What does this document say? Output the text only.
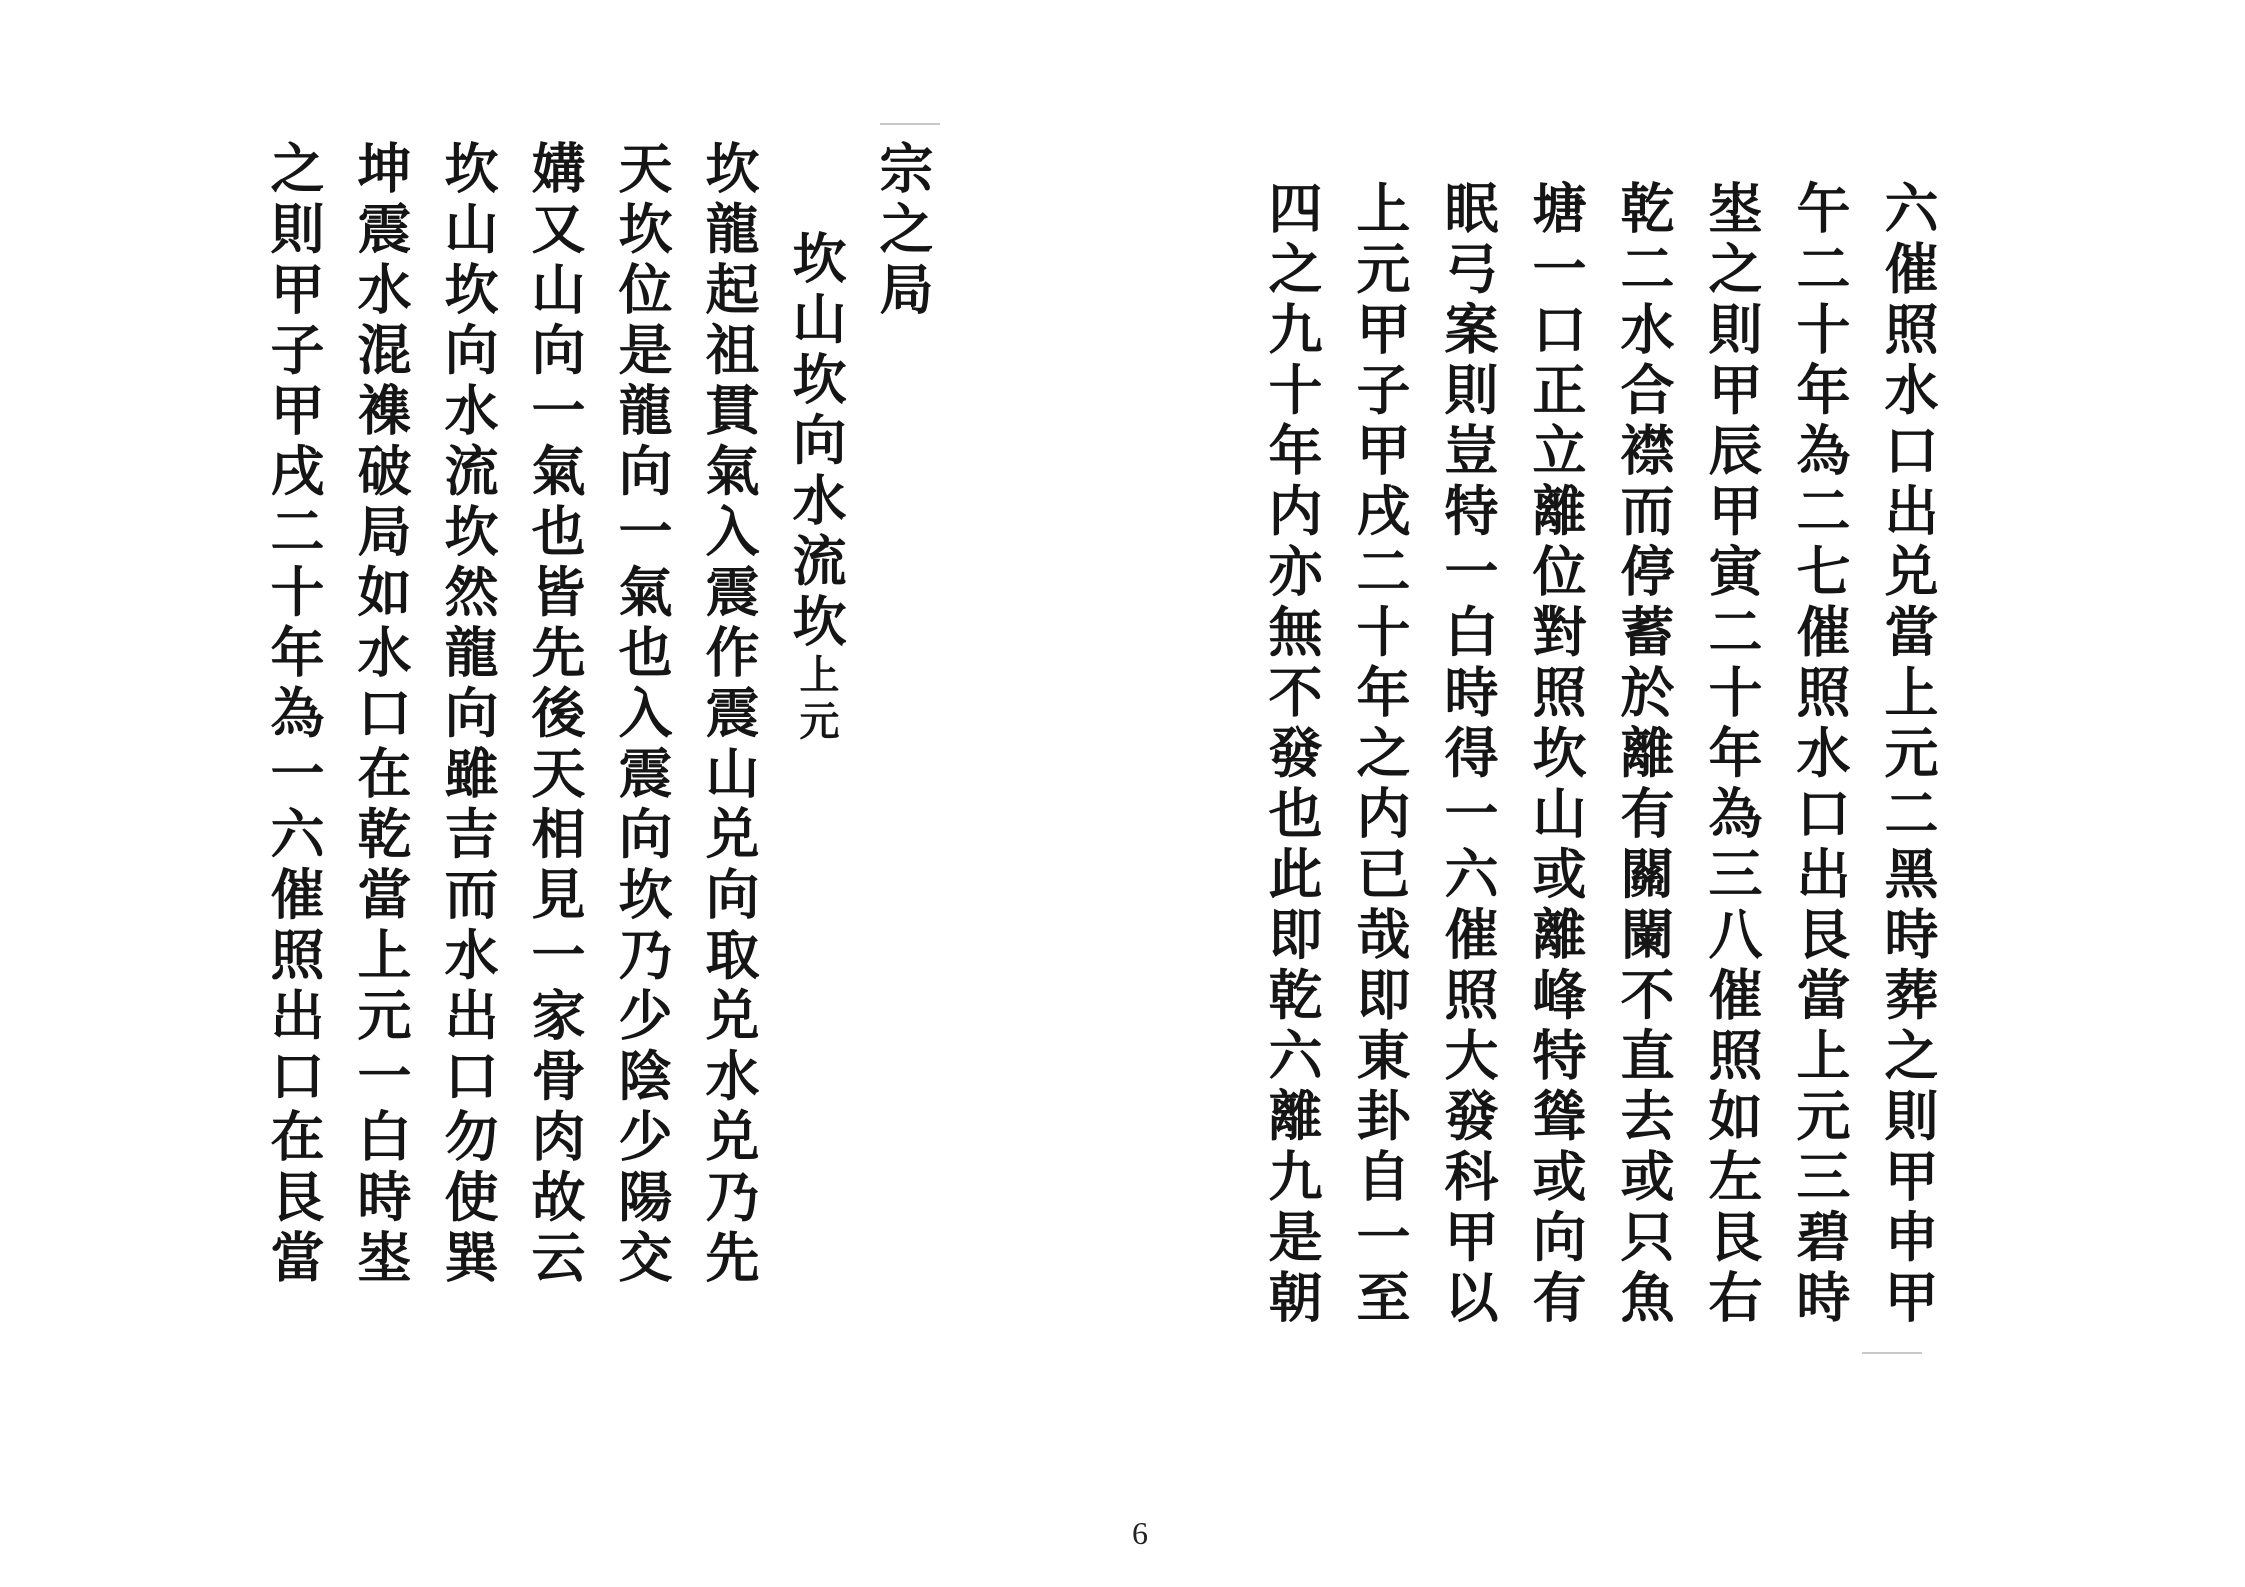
宗之局
坎山坎向水流坎上元
坎龍起祖貫氣入震作震山兑向取兑水兑乃先
天坎位是龍向一氣也入震向坎乃少陰少陽交
媾又山向一氣也皆先後天相見一家骨肉故云
坎山坎向水流坎然龍向雖吉而水出口勿使巽
坤震水混襍破局如水口在乾當上元一白時埊
之則甲子甲戌二十年為一六催照出口在艮當	六催照水口出兑當上元二黑時葬之則甲申甲
午二十年為二七催照水口出艮當上元三碧時
埊之則甲辰甲寅二十年為三八催照如左艮右
乾二水合襟而停蓄於離有關闌不直去或只魚
塘一口正立離位對照坎山或離峰特聳或向有
眠弓案則豈特一白時得一六催照大發科甲以
上元甲子甲戌二十年之内已哉即東卦自一至
四之九十年内亦無不發也此即乾六離九是朝
6
